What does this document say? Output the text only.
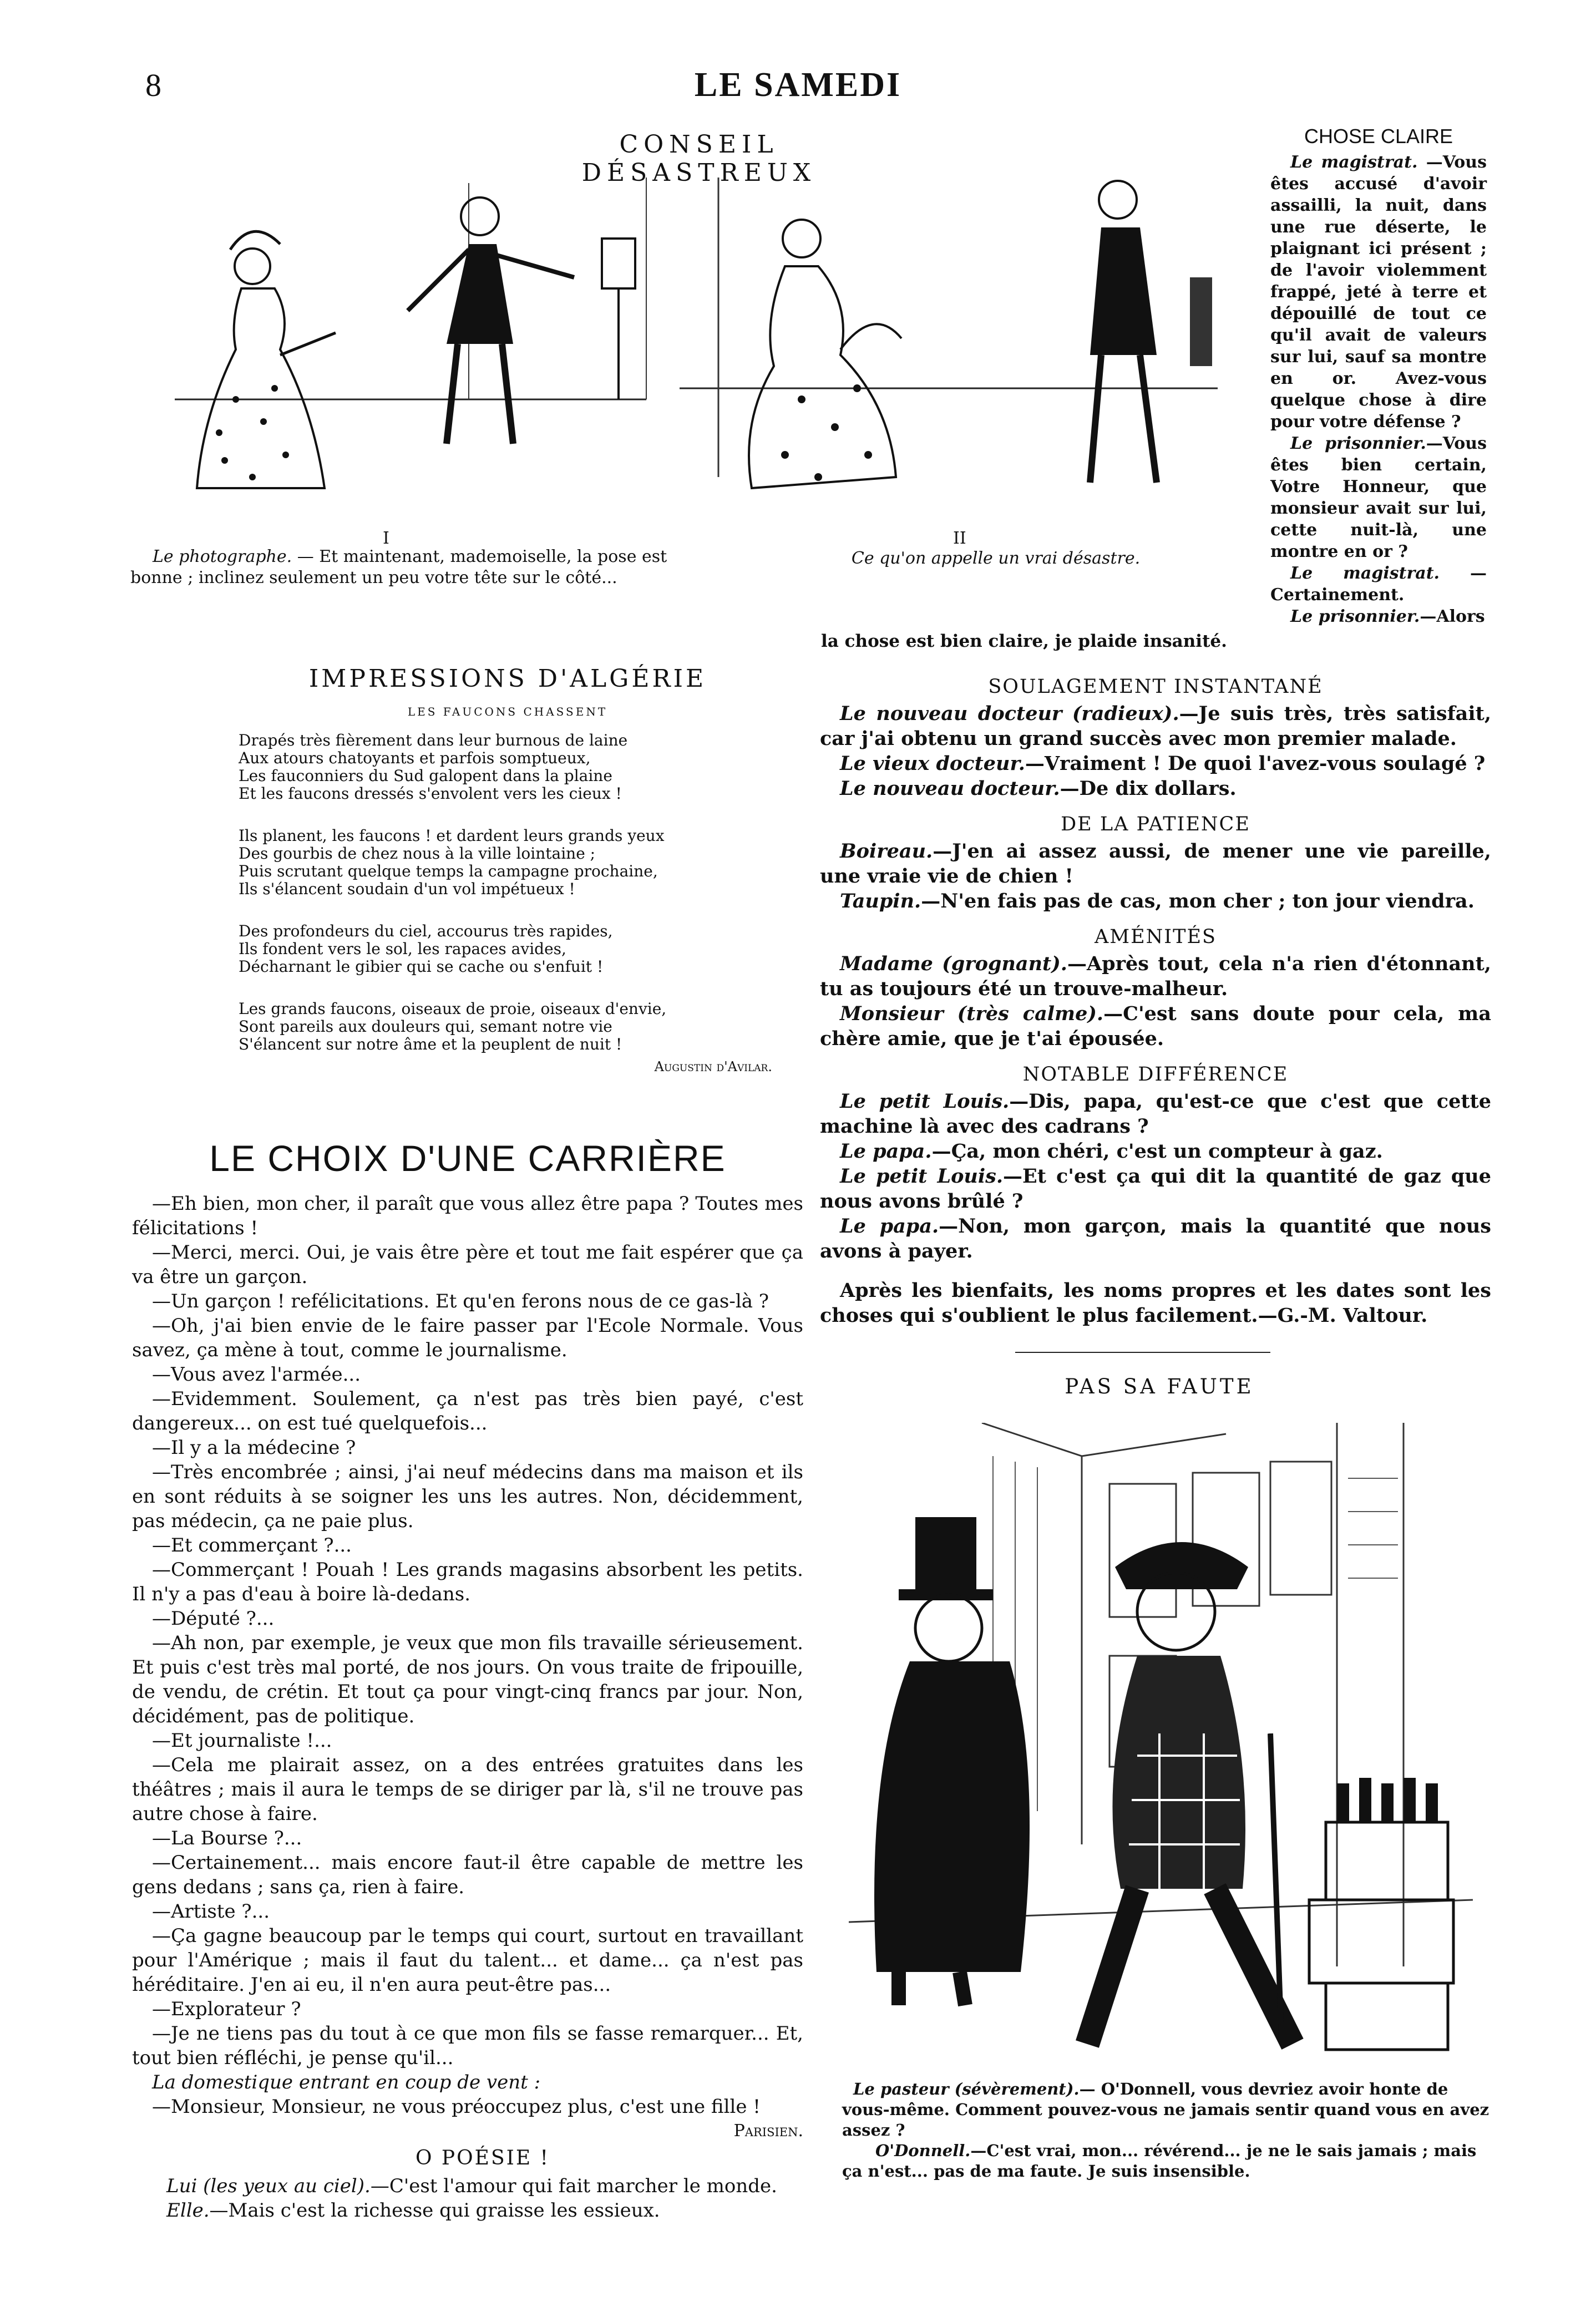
8	LE SAMEDI
CONSEIL DÉSASTREUX
I
Le photographe. — Et maintenant, mademoiselle, la pose est bonne ; inclinez seulement un peu votre tête sur le côté...
II
Ce qu'on appelle un vrai désastre.
CHOSE CLAIRE

Le magistrat. —Vous êtes accusé d'avoir assailli, la nuit, dans une rue déserte, le plaignant ici présent ; de l'avoir violemment frappé, jeté à terre et dépouillé de tout ce qu'il avait de valeurs sur lui, sauf sa montre en or. Avez-vous quelque chose à dire pour votre défense ?

Le prisonnier.—Vous êtes bien certain, Votre Honneur, que monsieur avait sur lui, cette nuit-là, une montre en or ?

Le magistrat. — Certainement.

Le prisonnier.—Alors

la chose est bien claire, je plaide insanité.
IMPRESSIONS D'ALGÉRIE
LES FAUCONS CHASSENT

Drapés très fièrement dans leur burnous de laine
Aux atours chatoyants et parfois somptueux,
Les fauconniers du Sud galopent dans la plaine
Et les faucons dressés s'envolent vers les cieux !

Ils planent, les faucons ! et dardent leurs grands yeux
Des gourbis de chez nous à la ville lointaine ;
Puis scrutant quelque temps la campagne prochaine,
Ils s'élancent soudain d'un vol impétueux !

Des profondeurs du ciel, accourus très rapides,
Ils fondent vers le sol, les rapaces avides,
Décharnant le gibier qui se cache ou s'enfuit !

Les grands faucons, oiseaux de proie, oiseaux d'envie,
Sont pareils aux douleurs qui, semant notre vie
S'élancent sur notre âme et la peuplent de nuit !

Augustin d'Avilar.
LE CHOIX D'UNE CARRIÈRE

—Eh bien, mon cher, il paraît que vous allez être papa ? Toutes mes félicitations !

—Merci, merci. Oui, je vais être père et tout me fait espérer que ça va être un garçon.

—Un garçon ! refélicitations. Et qu'en ferons nous de ce gas-là ?

—Oh, j'ai bien envie de le faire passer par l'Ecole Normale. Vous savez, ça mène à tout, comme le journalisme.

—Vous avez l'armée...

—Evidemment. Soulement, ça n'est pas très bien payé, c'est dangereux... on est tué quelquefois...

—Il y a la médecine ?

—Très encombrée ; ainsi, j'ai neuf médecins dans ma maison et ils en sont réduits à se soigner les uns les autres. Non, décidemment, pas médecin, ça ne paie plus.

—Et commerçant ?...

—Commerçant ! Pouah ! Les grands magasins absorbent les petits. Il n'y a pas d'eau à boire là-dedans.

—Député ?...

—Ah non, par exemple, je veux que mon fils travaille sérieusement. Et puis c'est très mal porté, de nos jours. On vous traite de fripouille, de vendu, de crétin. Et tout ça pour vingt-cinq francs par jour. Non, décidément, pas de politique.

—Et journaliste !...

—Cela me plairait assez, on a des entrées gratuites dans les théâtres ; mais il aura le temps de se diriger par là, s'il ne trouve pas autre chose à faire.

—La Bourse ?...

—Certainement... mais encore faut-il être capable de mettre les gens dedans ; sans ça, rien à faire.

—Artiste ?...

—Ça gagne beaucoup par le temps qui court, surtout en travaillant pour l'Amérique ; mais il faut du talent... et dame... ça n'est pas héréditaire. J'en ai eu, il n'en aura peut-être pas...

—Explorateur ?

—Je ne tiens pas du tout à ce que mon fils se fasse remarquer... Et, tout bien réfléchi, je pense qu'il...

La domestique entrant en coup de vent :

—Monsieur, Monsieur, ne vous préoccupez plus, c'est une fille !

Parisien.
O POÉSIE !

Lui (les yeux au ciel).—C'est l'amour qui fait marcher le monde.

Elle.—Mais c'est la richesse qui graisse les essieux.

SOULAGEMENT INSTANTANÉ

Le nouveau docteur (radieux).—Je suis très, très satisfait, car j'ai obtenu un grand succès avec mon premier malade.

Le vieux docteur.—Vraiment ! De quoi l'avez-vous soulagé ?

Le nouveau docteur.—De dix dollars.

DE LA PATIENCE

Boireau.—J'en ai assez aussi, de mener une vie pareille, une vraie vie de chien !

Taupin.—N'en fais pas de cas, mon cher ; ton jour viendra.

AMÉNITÉS

Madame (grognant).—Après tout, cela n'a rien d'étonnant, tu as toujours été un trouve-malheur.

Monsieur (très calme).—C'est sans doute pour cela, ma chère amie, que je t'ai épousée.

NOTABLE DIFFÉRENCE

Le petit Louis.—Dis, papa, qu'est-ce que c'est que cette machine là avec des cadrans ?

Le papa.—Ça, mon chéri, c'est un compteur à gaz.

Le petit Louis.—Et c'est ça qui dit la quantité de gaz que nous avons brûlé ?

Le papa.—Non, mon garçon, mais la quantité que nous avons à payer.

Après les bienfaits, les noms propres et les dates sont les choses qui s'oublient le plus facilement.—G.-M. Valtour.

PAS SA FAUTE
Le pasteur (sévèrement).— O'Donnell, vous devriez avoir honte de vous-même. Comment pouvez-vous ne jamais sentir quand vous en avez assez ?
O'Donnell.—C'est vrai, mon... révérend... je ne le sais jamais ; mais ça n'est... pas de ma faute. Je suis insensible.
